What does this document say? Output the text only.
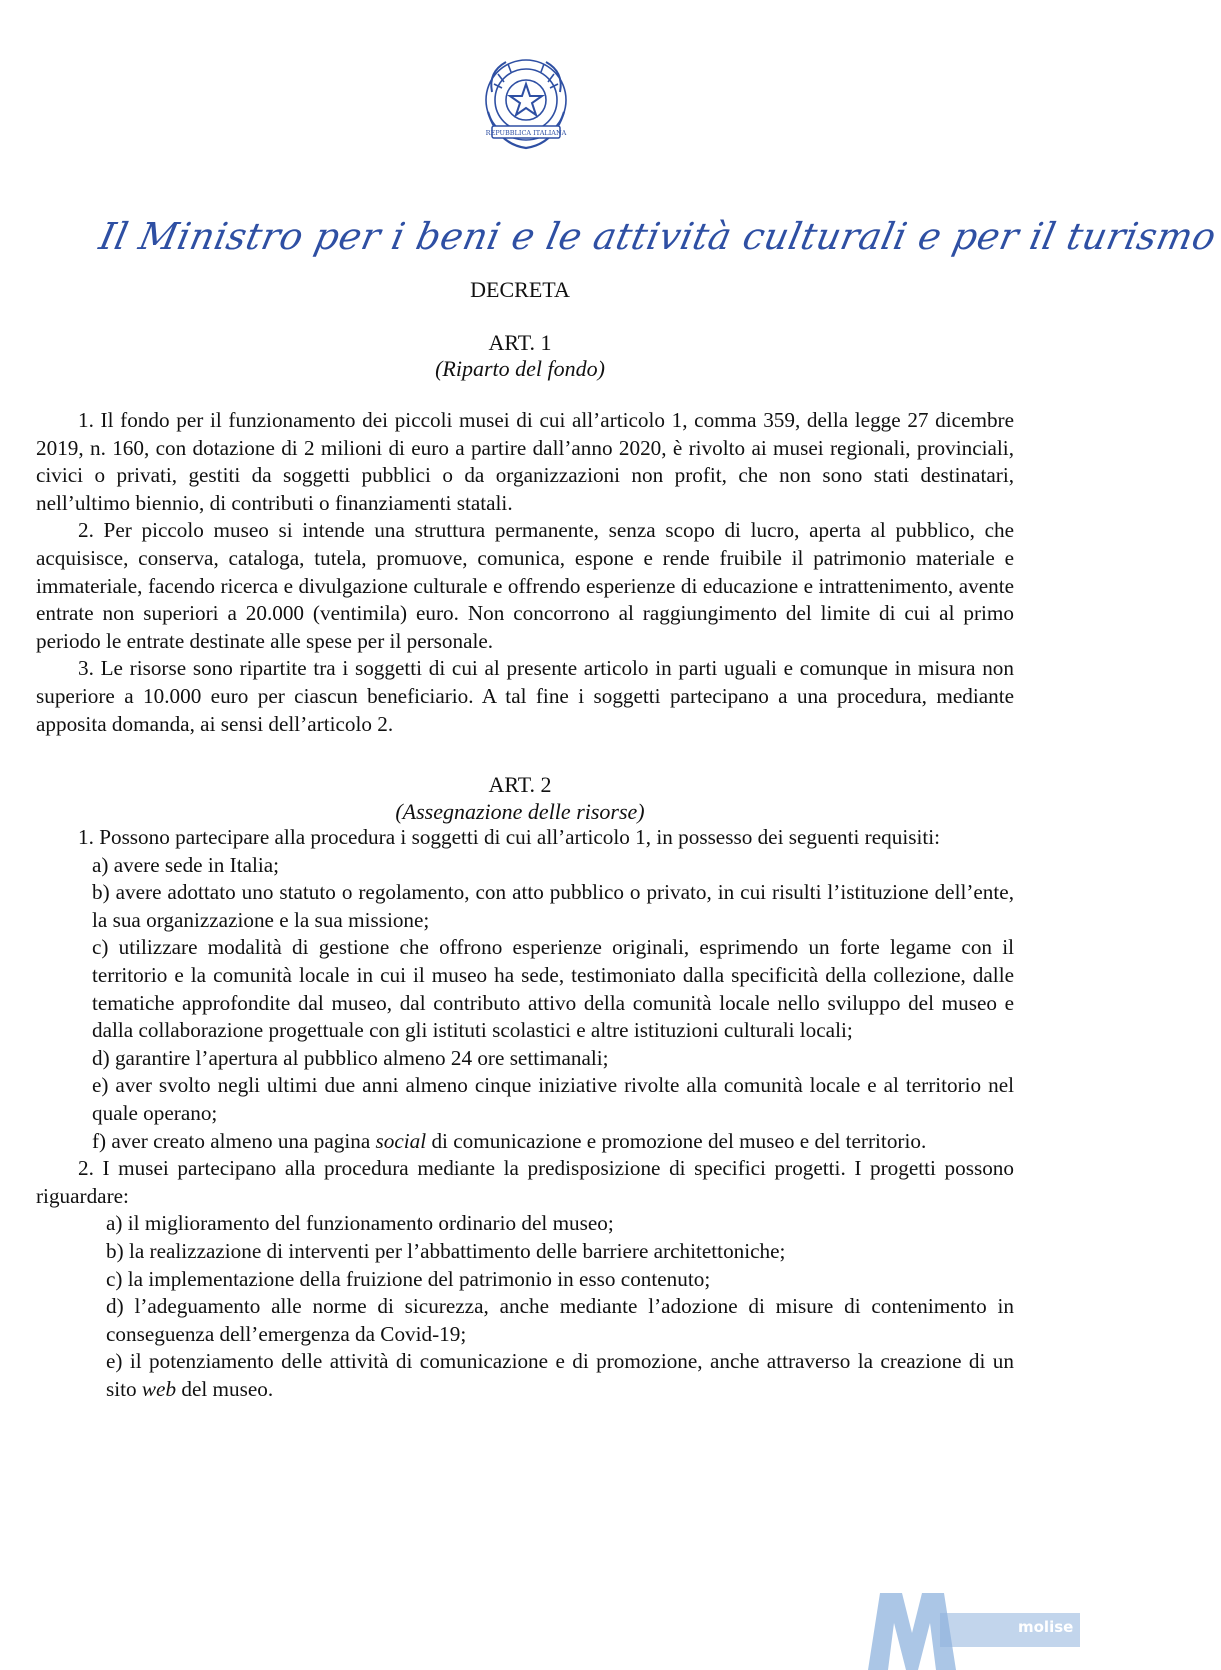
REPUBBLICA ITALIANA
Il Ministro per i beni e le attività culturali e per il turismo
DECRETA
ART. 1
(Riparto del fondo)

1. Il fondo per il funzionamento dei piccoli musei di cui all’articolo 1, comma 359, della legge 27 dicembre 2019, n. 160, con dotazione di 2 milioni di euro a partire dall’anno 2020, è rivolto ai musei regionali, provinciali, civici o privati, gestiti da soggetti pubblici o da organizzazioni non profit, che non sono stati destinatari, nell’ultimo biennio, di contributi o finanziamenti statali.

2. Per piccolo museo si intende una struttura permanente, senza scopo di lucro, aperta al pubblico, che acquisisce, conserva, cataloga, tutela, promuove, comunica, espone e rende fruibile il patrimonio materiale e immateriale, facendo ricerca e divulgazione culturale e offrendo esperienze di educazione e intrattenimento, avente entrate non superiori a 20.000 (ventimila) euro. Non concorrono al raggiungimento del limite di cui al primo periodo le entrate destinate alle spese per il personale.

3. Le risorse sono ripartite tra i soggetti di cui al presente articolo in parti uguali e comunque in misura non superiore a 10.000 euro per ciascun beneficiario. A tal fine i soggetti partecipano a una procedura, mediante apposita domanda, ai sensi dell’articolo 2.

ART. 2
(Assegnazione delle risorse)

1. Possono partecipare alla procedura i soggetti di cui all’articolo 1, in possesso dei seguenti requisiti:

a) avere sede in Italia;

b) avere adottato uno statuto o regolamento, con atto pubblico o privato, in cui risulti l’istituzione dell’ente, la sua organizzazione e la sua missione;

c) utilizzare modalità di gestione che offrono esperienze originali, esprimendo un forte legame con il territorio e la comunità locale in cui il museo ha sede, testimoniato dalla specificità della collezione, dalle tematiche approfondite dal museo, dal contributo attivo della comunità locale nello sviluppo del museo e dalla collaborazione progettuale con gli istituti scolastici e altre istituzioni culturali locali;

d) garantire l’apertura al pubblico almeno 24 ore settimanali;

e) aver svolto negli ultimi due anni almeno cinque iniziative rivolte alla comunità locale e al territorio nel quale operano;

f) aver creato almeno una pagina social di comunicazione e promozione del museo e del territorio.

2. I musei partecipano alla procedura mediante la predisposizione di specifici progetti. I progetti possono riguardare:

a) il miglioramento del funzionamento ordinario del museo;

b) la realizzazione di interventi per l’abbattimento delle barriere architettoniche;

c) la implementazione della fruizione del patrimonio in esso contenuto;

d) l’adeguamento alle norme di sicurezza, anche mediante l’adozione di misure di contenimento in conseguenza dell’emergenza da Covid-19;

e) il potenziamento delle attività di comunicazione e di promozione, anche attraverso la creazione di un sito web del museo.

M
molise
